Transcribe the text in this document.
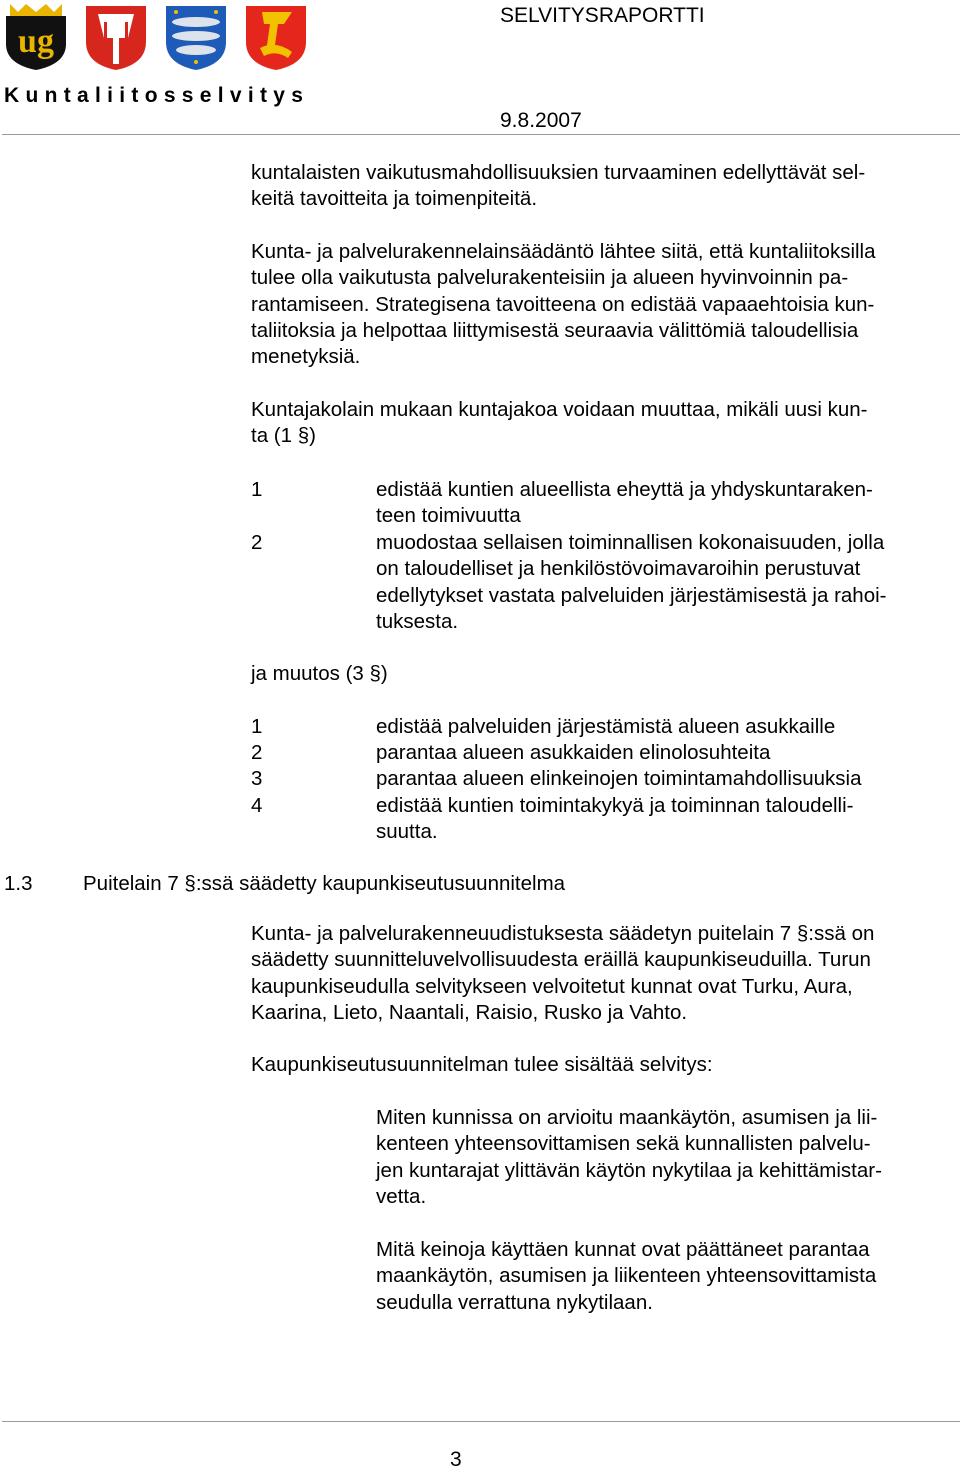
ug
Kuntaliitosselvitys
SELVITYSRAPORTTI
9.8.2007
kuntalaisten vaikutusmahdollisuuksien turvaaminen edellyttävät sel-
keitä tavoitteita ja toimenpiteitä.
Kunta- ja palvelurakennelainsäädäntö lähtee siitä, että kuntaliitoksilla
tulee olla vaikutusta palvelurakenteisiin ja alueen hyvinvoinnin pa-
rantamiseen. Strategisena tavoitteena on edistää vapaaehtoisia kun-
taliitoksia ja helpottaa liittymisestä seuraavia välittömiä taloudellisia
menetyksiä.
Kuntajakolain mukaan kuntajakoa voidaan muuttaa, mikäli uusi kun-
ta (1 §)
1	edistää kuntien alueellista eheyttä ja yhdyskuntaraken-
teen toimivuutta
2	muodostaa sellaisen toiminnallisen kokonaisuuden, jolla
on taloudelliset ja henkilöstövoimavaroihin perustuvat
edellytykset vastata palveluiden järjestämisestä ja rahoi-
tuksesta.
ja muutos (3 §)
1	edistää palveluiden järjestämistä alueen asukkaille
2	parantaa alueen asukkaiden elinolosuhteita
3	parantaa alueen elinkeinojen toimintamahdollisuuksia
4	edistää kuntien toimintakykyä ja toiminnan taloudelli-
suutta.
1.3 Puitelain 7 §:ssä säädetty kaupunkiseutusuunnitelma
Kunta- ja palvelurakenneuudistuksesta säädetyn puitelain 7 §:ssä on
säädetty suunnitteluvelvollisuudesta eräillä kaupunkiseuduilla. Turun
kaupunkiseudulla selvitykseen velvoitetut kunnat ovat Turku, Aura,
Kaarina, Lieto, Naantali, Raisio, Rusko ja Vahto.
Kaupunkiseutusuunnitelman tulee sisältää selvitys:
Miten kunnissa on arvioitu maankäytön, asumisen ja lii-
kenteen yhteensovittamisen sekä kunnallisten palvelu-
jen kuntarajat ylittävän käytön nykytilaa ja kehittämistar-
vetta.
Mitä keinoja käyttäen kunnat ovat päättäneet parantaa
maankäytön, asumisen ja liikenteen yhteensovittamista
seudulla verrattuna nykytilaan.
3
